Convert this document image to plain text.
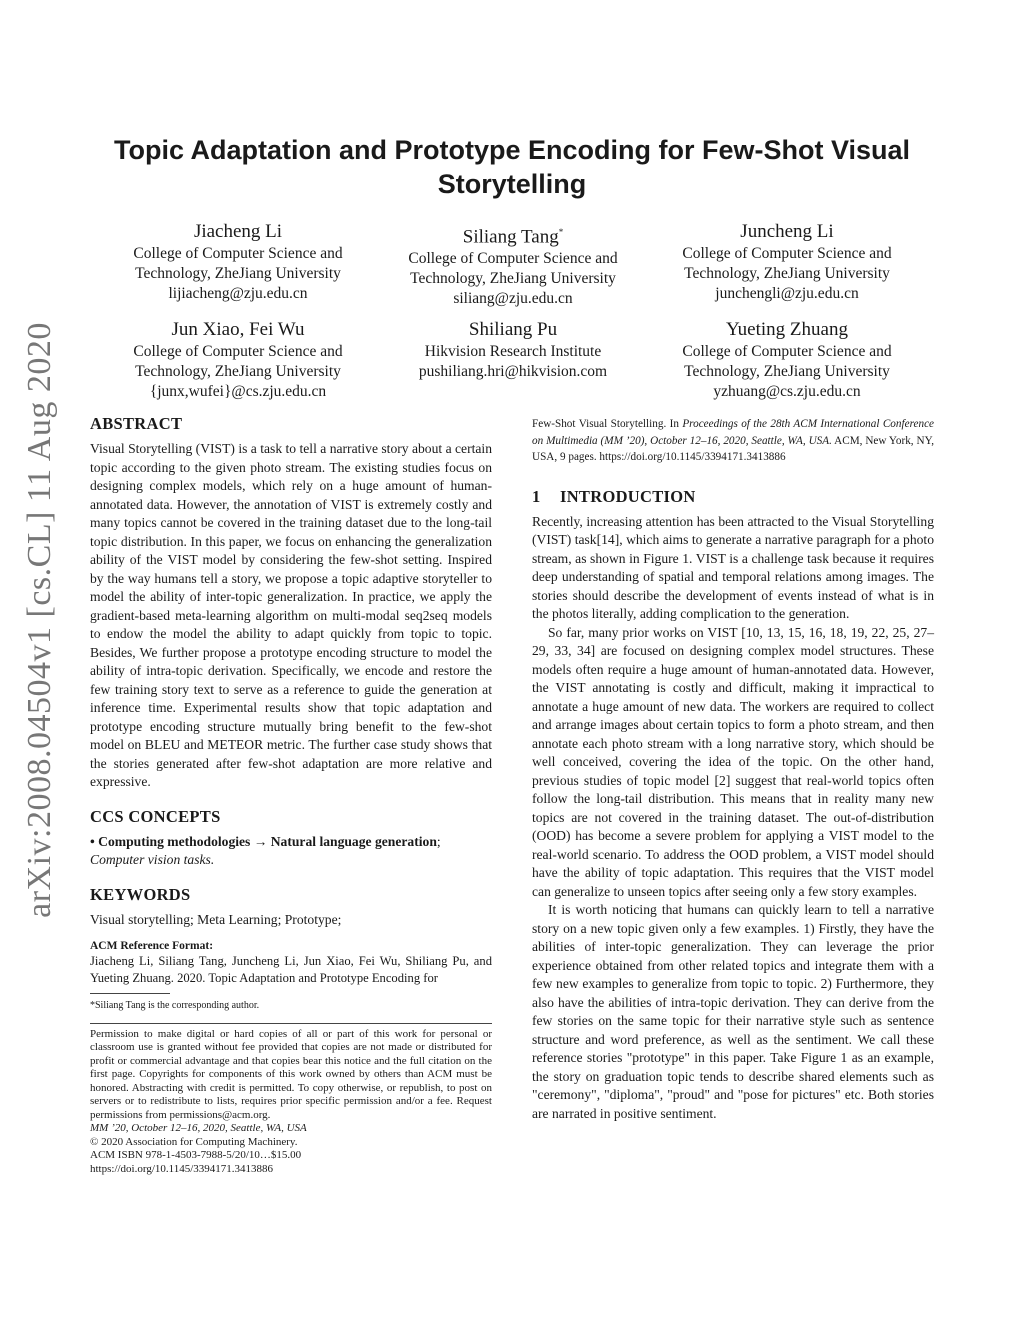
Topic Adaptation and Prototype Encoding for Few-Shot Visual
Storytelling
Jiacheng Li
College of Computer Science and
Technology, ZheJiang University
lijiacheng@zju.edu.cn
Siliang Tang*
College of Computer Science and
Technology, ZheJiang University
siliang@zju.edu.cn
Juncheng Li
College of Computer Science and
Technology, ZheJiang University
junchengli@zju.edu.cn
Jun Xiao, Fei Wu
College of Computer Science and
Technology, ZheJiang University
{junx,wufei}@cs.zju.edu.cn
Shiliang Pu
Hikvision Research Institute
pushiliang.hri@hikvision.com
Yueting Zhuang
College of Computer Science and
Technology, ZheJiang University
yzhuang@cs.zju.edu.cn
arXiv:2008.04504v1 [cs.CL] 11 Aug 2020	ABSTRACT

Visual Storytelling (VIST) is a task to tell a narrative story about a certain topic according to the given photo stream. The existing studies focus on designing complex models, which rely on a huge amount of human-annotated data. However, the annotation of VIST is extremely costly and many topics cannot be covered in the training dataset due to the long-tail topic distribution. In this paper, we focus on enhancing the generalization ability of the VIST model by considering the few-shot setting. Inspired by the way humans tell a story, we propose a topic adaptive storyteller to model the ability of inter-topic generalization. In practice, we apply the gradient-based meta-learning algorithm on multi-modal seq2seq models to endow the model the ability to adapt quickly from topic to topic. Besides, We further propose a prototype encoding structure to model the ability of intra-topic derivation. Specifically, we encode and restore the few training story text to serve as a reference to guide the generation at inference time. Experimental results show that topic adaptation and prototype encoding structure mutually bring benefit to the few-shot model on BLEU and METEOR metric. The further case study shows that the stories generated after few-shot adaptation are more relative and expressive.

CCS CONCEPTS

• Computing methodologies → Natural language generation;
Computer vision tasks.

KEYWORDS

Visual storytelling; Meta Learning; Prototype;

ACM Reference Format:

Jiacheng Li, Siliang Tang, Juncheng Li, Jun Xiao, Fei Wu, Shiliang Pu, and Yueting Zhuang. 2020. Topic Adaptation and Prototype Encoding for

*Siliang Tang is the corresponding author.

Permission to make digital or hard copies of all or part of this work for personal or classroom use is granted without fee provided that copies are not made or distributed for profit or commercial advantage and that copies bear this notice and the full citation on the first page. Copyrights for components of this work owned by others than ACM must be honored. Abstracting with credit is permitted. To copy otherwise, or republish, to post on servers or to redistribute to lists, requires prior specific permission and/or a fee. Request permissions from permissions@acm.org.

MM ’20, October 12–16, 2020, Seattle, WA, USA

© 2020 Association for Computing Machinery.

ACM ISBN 978-1-4503-7988-5/20/10…$15.00

https://doi.org/10.1145/3394171.3413886

Few-Shot Visual Storytelling. In Proceedings of the 28th ACM International Conference on Multimedia (MM ’20), October 12–16, 2020, Seattle, WA, USA. ACM, New York, NY, USA, 9 pages. https://doi.org/10.1145/3394171.3413886

1 INTRODUCTION

Recently, increasing attention has been attracted to the Visual Storytelling (VIST) task[14], which aims to generate a narrative paragraph for a photo stream, as shown in Figure 1. VIST is a challenge task because it requires deep understanding of spatial and temporal relations among images. The stories should describe the development of events instead of what is in the photos literally, adding complication to the generation.

So far, many prior works on VIST [10, 13, 15, 16, 18, 19, 22, 25, 27–29, 33, 34] are focused on designing complex model structures. These models often require a huge amount of human-annotated data. However, the VIST annotating is costly and difficult, making it impractical to annotate a huge amount of new data. The workers are required to collect and arrange images about certain topics to form a photo stream, and then annotate each photo stream with a long narrative story, which should be well conceived, covering the idea of the topic. On the other hand, previous studies of topic model [2] suggest that real-world topics often follow the long-tail distribution. This means that in reality many new topics are not covered in the training dataset. The out-of-distribution (OOD) has become a severe problem for applying a VIST model to the real-world scenario. To address the OOD problem, a VIST model should have the ability of topic adaptation. This requires that the VIST model can generalize to unseen topics after seeing only a few story examples.

It is worth noticing that humans can quickly learn to tell a narrative story on a new topic given only a few examples. 1) Firstly, they have the abilities of inter-topic generalization. They can leverage the prior experience obtained from other related topics and integrate them with a few new examples to generalize from topic to topic. 2) Furthermore, they also have the abilities of intra-topic derivation. They can derive from the few stories on the same topic for their narrative style such as sentence structure and word preference, as well as the sentiment. We call these reference stories "prototype" in this paper. Take Figure 1 as an example, the story on graduation topic tends to describe shared elements such as "ceremony", "diploma", "proud" and "pose for pictures" etc. Both stories are narrated in positive sentiment.
